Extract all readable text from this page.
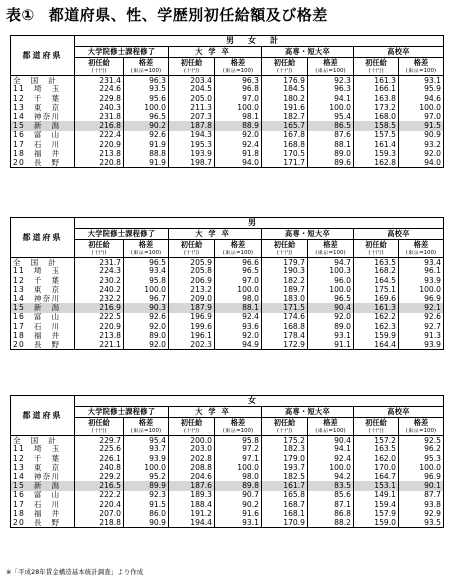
表① 都道府県、性、学歴別初任給額及び格差
都道府県	男女計							
	大学院修士課程修了		大学卒		高専・短大卒		高校卒	
	初任給	格差	初任給	格差	初任給	格差	初任給	格差
	(千円)	(東京=100)	(千円)	(東京=100)	(千円)	(東京=100)	(千円)	(東京=100)
全　国　計	231.4	96.3	203.4	96.3	176.9	92.3	161.3	93.1
11　埼　玉	224.6	93.5	204.5	96.8	184.5	96.3	166.1	95.9
12　千　葉	229.8	95.6	205.0	97.0	180.2	94.1	163.8	94.6
13　東　京	240.3	100.0	211.3	100.0	191.6	100.0	173.2	100.0
14　神奈川	231.8	96.5	207.3	98.1	182.7	95.4	168.0	97.0
15　新　潟	216.8	90.2	187.8	88.9	165.7	86.5	158.5	91.5
16　富　山	222.4	92.6	194.3	92.0	167.8	87.6	157.5	90.9
17　石　川	220.9	91.9	195.3	92.4	168.8	88.1	161.4	93.2
18　福　井	213.8	88.8	193.9	91.8	170.5	89.0	159.3	92.0
20　長　野	220.8	91.9	198.7	94.0	171.7	89.6	162.8	94.0
都道府県	男							
	大学院修士課程修了		大学卒		高専・短大卒		高校卒	
	初任給	格差	初任給	格差	初任給	格差	初任給	格差
	(千円)	(東京=100)	(千円)	(東京=100)	(千円)	(東京=100)	(千円)	(東京=100)
全　国　計	231.7	96.5	205.9	96.6	179.7	94.7	163.5	93.4
11　埼　玉	224.3	93.4	205.8	96.5	190.3	100.3	168.2	96.1
12　千　葉	230.2	95.8	206.9	97.0	182.2	96.0	164.5	93.9
13　東　京	240.2	100.0	213.2	100.0	189.7	100.0	175.1	100.0
14　神奈川	232.2	96.7	209.0	98.0	183.0	96.5	169.6	96.9
15　新　潟	216.9	90.3	187.9	88.1	171.5	90.4	161.3	92.1
16　富　山	222.5	92.6	196.9	92.4	174.6	92.0	162.2	92.6
17　石　川	220.9	92.0	199.6	93.6	168.8	89.0	162.3	92.7
18　福　井	213.8	89.0	196.1	92.0	178.4	93.1	159.9	91.3
20　長　野	221.1	92.0	202.3	94.9	172.9	91.1	164.4	93.9
都道府県	女							
	大学院修士課程修了		大学卒		高専・短大卒		高校卒	
	初任給	格差	初任給	格差	初任給	格差	初任給	格差
	(千円)	(東京=100)	(千円)	(東京=100)	(千円)	(東京=100)	(千円)	(東京=100)
全　国　計	229.7	95.4	200.0	95.8	175.2	90.4	157.2	92.5
11　埼　玉	225.6	93.7	203.0	97.2	182.3	94.1	163.5	96.2
12　千　葉	226.1	93.9	202.8	97.1	179.0	92.4	162.0	95.3
13　東　京	240.8	100.0	208.8	100.0	193.7	100.0	170.0	100.0
14　神奈川	229.2	95.2	204.6	98.0	182.5	94.2	164.7	96.9
15　新　潟	216.5	89.9	187.6	89.8	161.7	83.5	153.1	90.1
16　富　山	222.2	92.3	189.3	90.7	165.8	85.6	149.1	87.7
17　石　川	220.4	91.5	188.4	90.2	168.7	87.1	159.4	93.8
18　福　井	207.0	86.0	191.2	91.6	168.1	86.8	157.9	92.9
20　長　野	218.8	90.9	194.4	93.1	170.9	88.2	159.0	93.5
※「平成28年賃金構造基本統計調査」より作成
